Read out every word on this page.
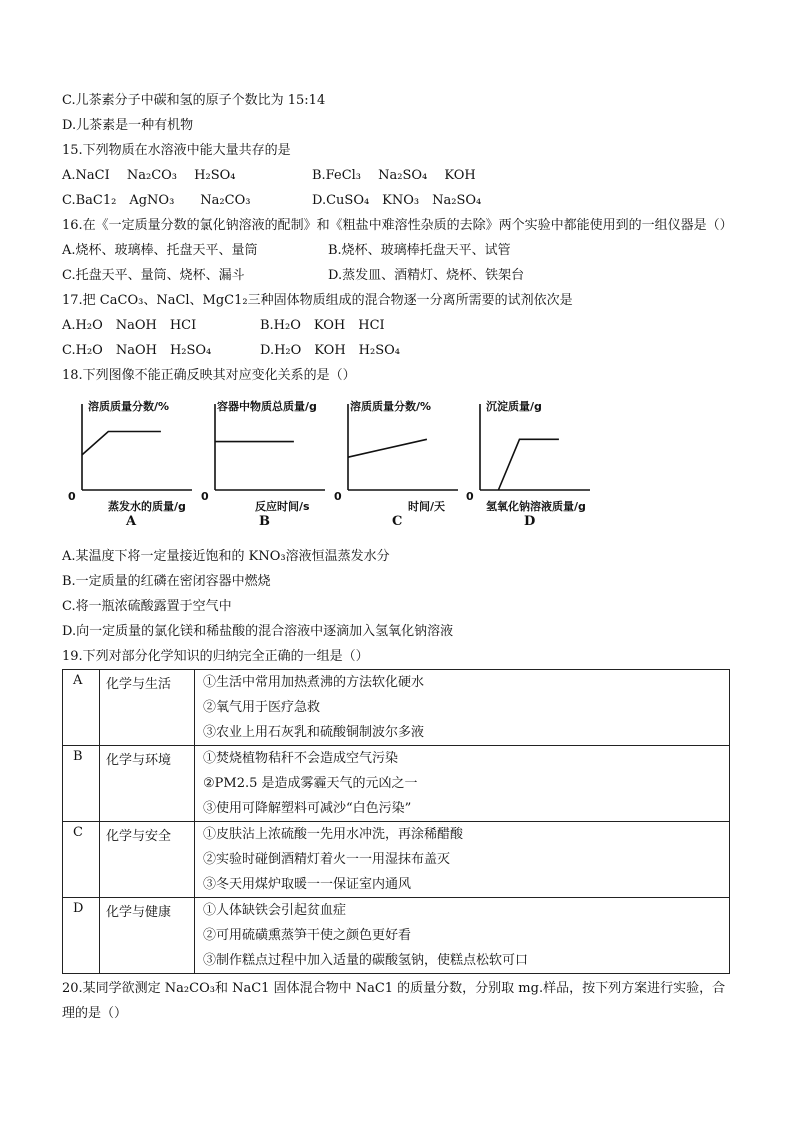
C.儿茶素分子中碳和氢的原子个数比为 15:14
D.儿茶素是一种有机物
15.下列物质在水溶液中能大量共存的是
A.NaCI　 Na₂CO₃　 H₂SO₄	B.FeCl₃　 Na₂SO₄　 KOH
C.BaC1₂　AgNO₃　　Na₂CO₃	D.CuSO₄　KNO₃　Na₂SO₄
16.在《一定质量分数的氯化钠溶液的配制》和《粗盐中难溶性杂质的去除》两个实验中都能使用到的一组仪器是（）
A.烧杯、玻璃棒、托盘天平、量筒	B.烧杯、玻璃棒托盘天平、试管
C.托盘天平、量筒、烧杯、漏斗	D.蒸发皿、酒精灯、烧杯、铁架台
17.把 CaCO₃、NaCl、MgC1₂三种固体物质组成的混合物逐一分离所需要的试剂依次是
A.H₂O　NaOH　HCI	B.H₂O　KOH　HCI
C.H₂O　NaOH　H₂SO₄	D.H₂O　KOH　H₂SO₄
18.下列图像不能正确反映其对应变化关系的是（）
溶质质量分数/%
0
蒸发水的质量/g
A
容器中物质总质量/g
0
反应时间/s
B
溶质质量分数/%
0
时间/天
C
沉淀质量/g
0
氢氧化钠溶液质量/g
D
A.某温度下将一定量接近饱和的 KNO₃溶液恒温蒸发水分
B.一定质量的红磷在密闭容器中燃烧
C.将一瓶浓硫酸露置于空气中
D.向一定质量的氯化镁和稀盐酸的混合溶液中逐滴加入氢氧化钠溶液
19.下列对部分化学知识的归纳完全正确的一组是（）
A	化学与生活	①生活中常用加热煮沸的方法软化硬水
②氧气用于医疗急救
③农业上用石灰乳和硫酸铜制波尔多液

B	化学与环境	①焚烧植物秸秆不会造成空气污染
②PM2.5 是造成雾霾天气的元凶之一
③使用可降解塑料可减沙“白色污染”

C	化学与安全	①皮肤沾上浓硫酸一先用水冲洗，再涂稀醋酸
②实验时碰倒酒精灯着火一一用湿抹布盖灭
③冬天用煤炉取暖一一保证室内通风

D	化学与健康	①人体缺铁会引起贫血症
②可用硫磺熏蒸笋干使之颜色更好看
③制作糕点过程中加入适量的碳酸氢钠，使糕点松软可口
20.某同学欲测定 Na₂CO₃和 NaC1 固体混合物中 NaC1 的质量分数，分别取 mg.样品，按下列方案进行实验，合理的是（）
